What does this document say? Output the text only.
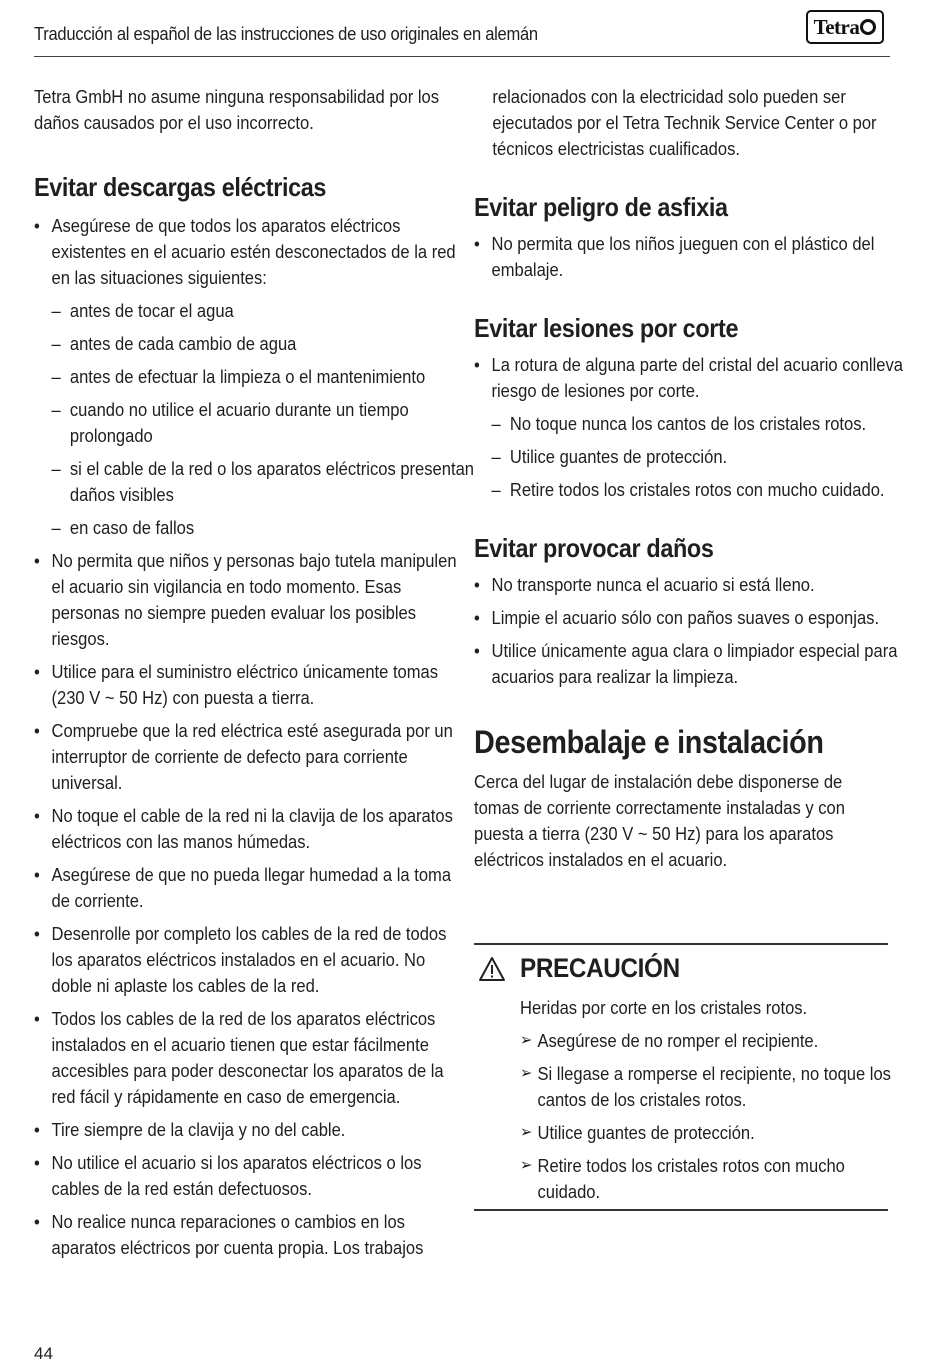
Traducción al español de las instrucciones de uso originales en alemán	Tetr a

Tetra GmbH no asume ninguna responsabilidad por los daños causados por el uso incorrecto.

Evitar descargas eléctricas

• Asegúrese de que todos los aparatos eléctricos existentes en el acuario estén desconectados de la red en las situaciones siguientes:

– antes de tocar el agua

– antes de cada cambio de agua

– antes de efectuar la limpieza o el mantenimiento

– cuando no utilice el acuario durante un tiempo prolongado

– si el cable de la red o los aparatos eléctricos presentan daños visibles

– en caso de fallos

• No permita que niños y personas bajo tutela manipulen el acuario sin vigilancia en todo momento. Esas personas no siempre pueden evaluar los posibles riesgos.

• Utilice para el suministro eléctrico únicamente tomas (230 V ~ 50 Hz) con puesta a tierra.

• Compruebe que la red eléctrica esté asegurada por un interruptor de corriente de defecto para corriente universal.

• No toque el cable de la red ni la clavija de los aparatos eléctricos con las manos húmedas.

• Asegúrese de que no pueda llegar humedad a la toma de corriente.

• Desenrolle por completo los cables de la red de todos los aparatos eléctricos instalados en el acuario. No doble ni aplaste los cables de la red.

• Todos los cables de la red de los aparatos eléctricos instalados en el acuario tienen que estar fácilmente accesibles para poder desconectar los aparatos de la red fácil y rápidamente en caso de emergencia.

• Tire siempre de la clavija y no del cable.

• No utilice el acuario si los aparatos eléctricos o los cables de la red están defectuosos.

• No realice nunca reparaciones o cambios en los aparatos eléctricos por cuenta propia. Los trabajos

relacionados con la electricidad solo pueden ser ejecutados por el Tetra Technik Service Center o por técnicos electricistas cualificados.

Evitar peligro de asfixia

• No permita que los niños jueguen con el plástico del embalaje.

Evitar lesiones por corte

• La rotura de alguna parte del cristal del acuario conlleva riesgo de lesiones por corte.

– No toque nunca los cantos de los cristales rotos.

– Utilice guantes de protección.

– Retire todos los cristales rotos con mucho cuidado.

Evitar provocar daños

• No transporte nunca el acuario si está lleno.

• Limpie el acuario sólo con paños suaves o esponjas.

• Utilice únicamente agua clara o limpiador especial para acuarios para realizar la limpieza.

Desembalaje e instalación

Cerca del lugar de instalación debe disponerse de tomas de corriente correctamente instaladas y con puesta a tierra (230 V ~ 50 Hz) para los aparatos eléctricos instalados en el acuario.

PRECAUCIÓN

Heridas por corte en los cristales rotos.

➢ Asegúrese de no romper el recipiente.

➢ Si llegase a romperse el recipiente, no toque los cantos de los cristales rotos.

➢ Utilice guantes de protección.

➢ Retire todos los cristales rotos con mucho cuidado.

44
